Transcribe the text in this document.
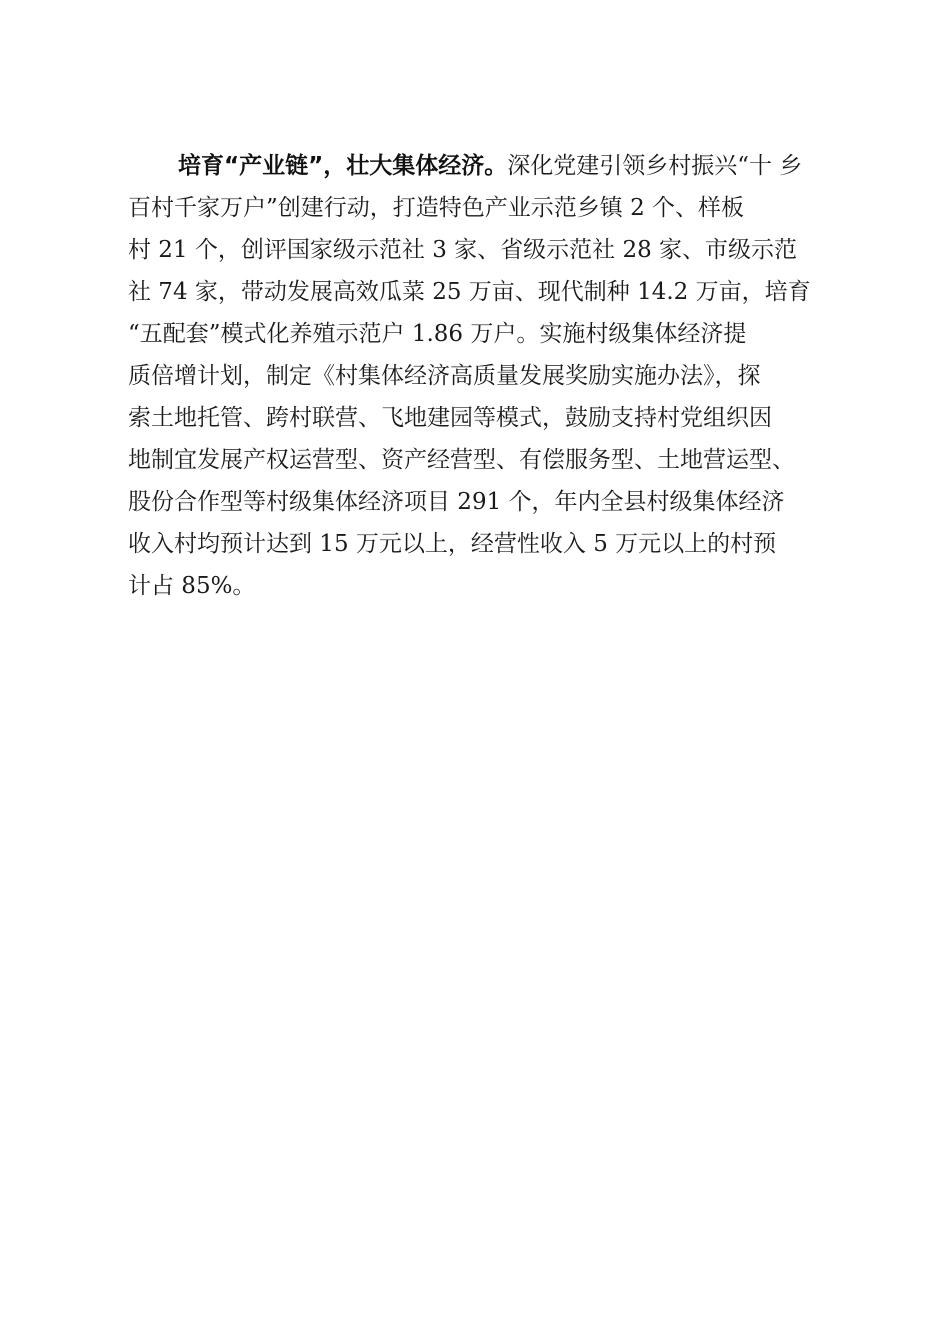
培育“产业链”，壮大集体经济。深化党建引领乡村振兴“十 乡
百村千家万户”创建行动，打造特色产业示范乡镇 2 个、样板
村 21 个，创评国家级示范社 3 家、省级示范社 28 家、市级示范
社 74 家，带动发展高效瓜菜 25 万亩、现代制种 14.2 万亩，培育
“五配套”模式化养殖示范户 1.86 万户。实施村级集体经济提
质倍增计划，制定《村集体经济高质量发展奖励实施办法》，探
索土地托管、跨村联营、飞地建园等模式，鼓励支持村党组织因
地制宜发展产权运营型、资产经营型、有偿服务型、土地营运型、
股份合作型等村级集体经济项目 291 个，年内全县村级集体经济
收入村均预计达到 15 万元以上，经营性收入 5 万元以上的村预
计占 85%。
